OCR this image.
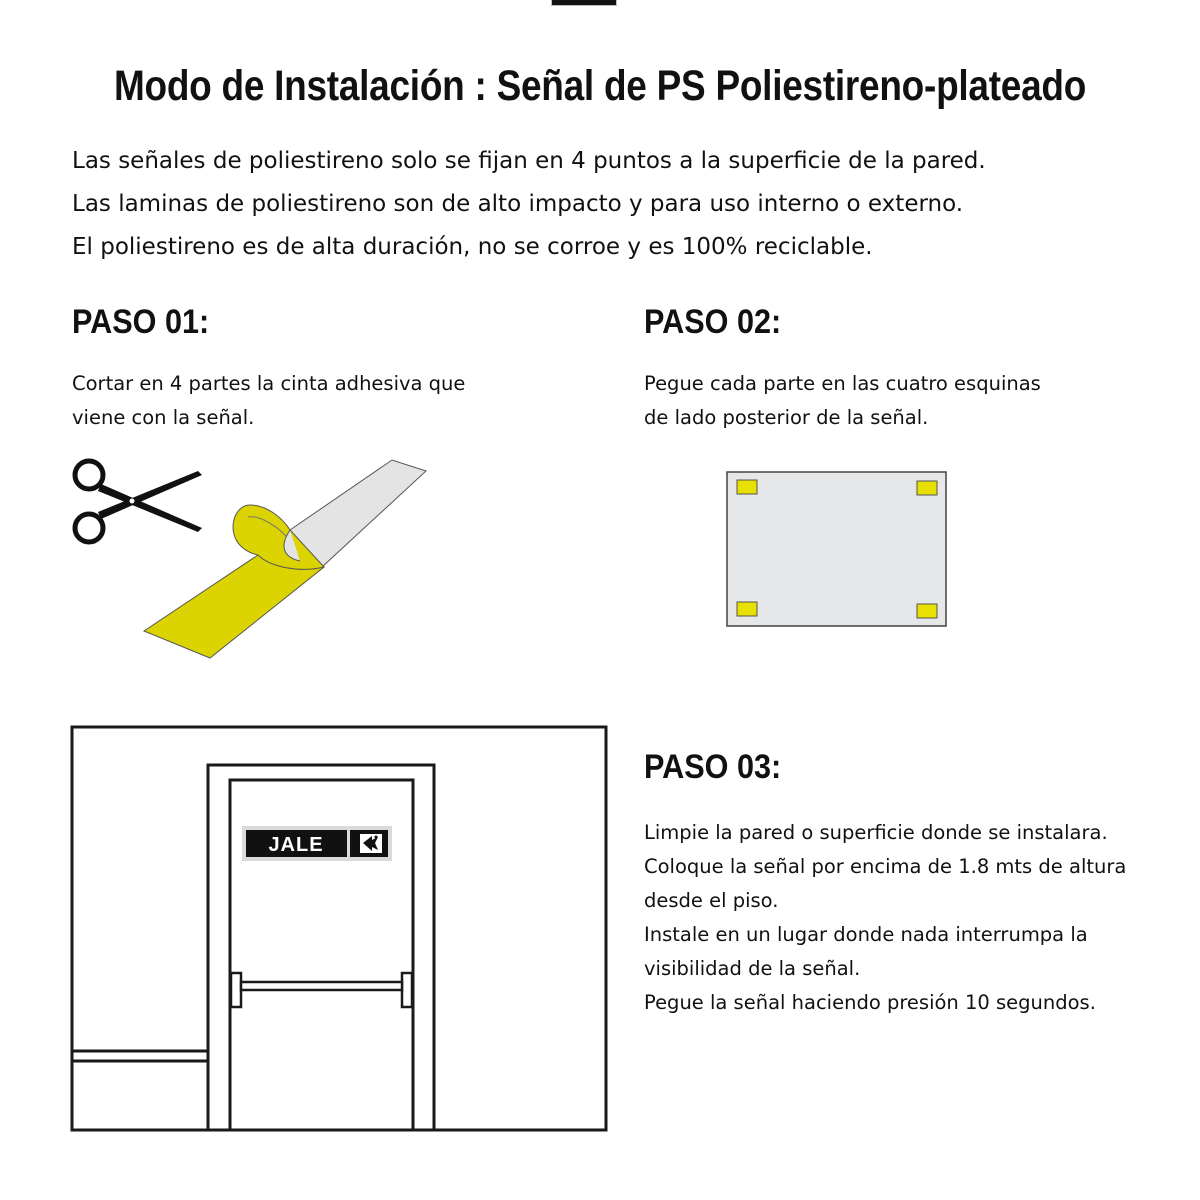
Modo de Instalación : Señal de PS Poliestireno-plateado

Las señales de poliestireno solo se fijan en 4 puntos a la superficie de la pared.

Las laminas de poliestireno son de alto impacto y para uso interno o externo.

El poliestireno es de alta duración, no se corroe y es 100% reciclable.

PASO 01:

Cortar en 4 partes la cinta adhesiva que

viene con la señal.

PASO 02:

Pegue cada parte en las cuatro esquinas

de lado posterior de la señal.

PASO 03:

Limpie la pared o superficie donde se instalara.

Coloque la señal por encima de 1.8 mts de altura

desde el piso.

Instale en un lugar donde nada interrumpa la

visibilidad de la señal.

Pegue la señal haciendo presión 10 segundos.

JALE
